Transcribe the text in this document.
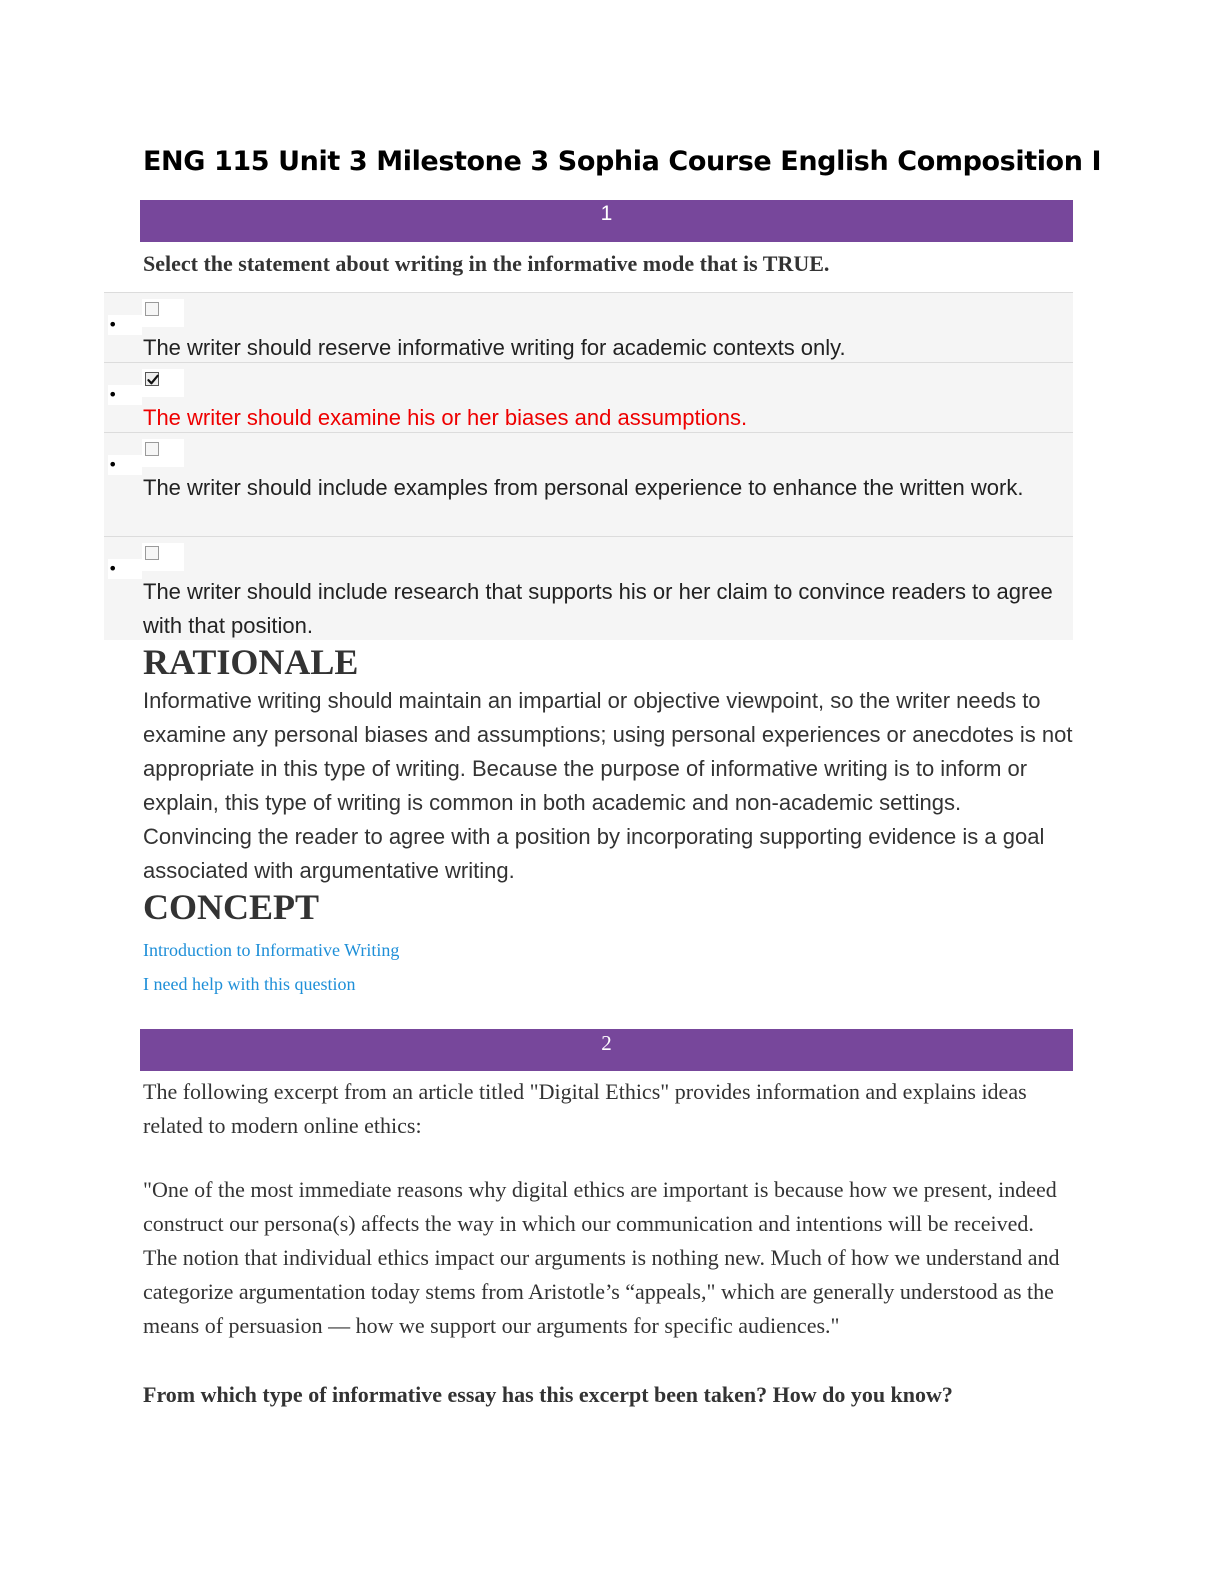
ENG 115 Unit 3 Milestone 3 Sophia Course English Composition I
1

Select the statement about writing in the informative mode that is TRUE.

•

The writer should reserve informative writing for academic contexts only.

•

The writer should examine his or her biases and assumptions.

•

The writer should include examples from personal experience to enhance the written work.

•

The writer should include research that supports his or her claim to convince readers to agree with that position.

RATIONALE

Informative writing should maintain an impartial or objective viewpoint, so the writer needs to examine any personal biases and assumptions; using personal experiences or anecdotes is not appropriate in this type of writing. Because the purpose of informative writing is to inform or explain, this type of writing is common in both academic and non-academic settings. Convincing the reader to agree with a position by incorporating supporting evidence is a goal associated with argumentative writing.

CONCEPT
Introduction to Informative Writing
I need help with this question
2

The following excerpt from an article titled "Digital Ethics" provides information and explains ideas related to modern online ethics:

"One of the most immediate reasons why digital ethics are important is because how we present, indeed construct our persona(s) affects the way in which our communication and intentions will be received. The notion that individual ethics impact our arguments is nothing new. Much of how we understand and categorize argumentation today stems from Aristotle’s “appeals," which are generally understood as the means of persuasion — how we support our arguments for specific audiences."

From which type of informative essay has this excerpt been taken? How do you know?
